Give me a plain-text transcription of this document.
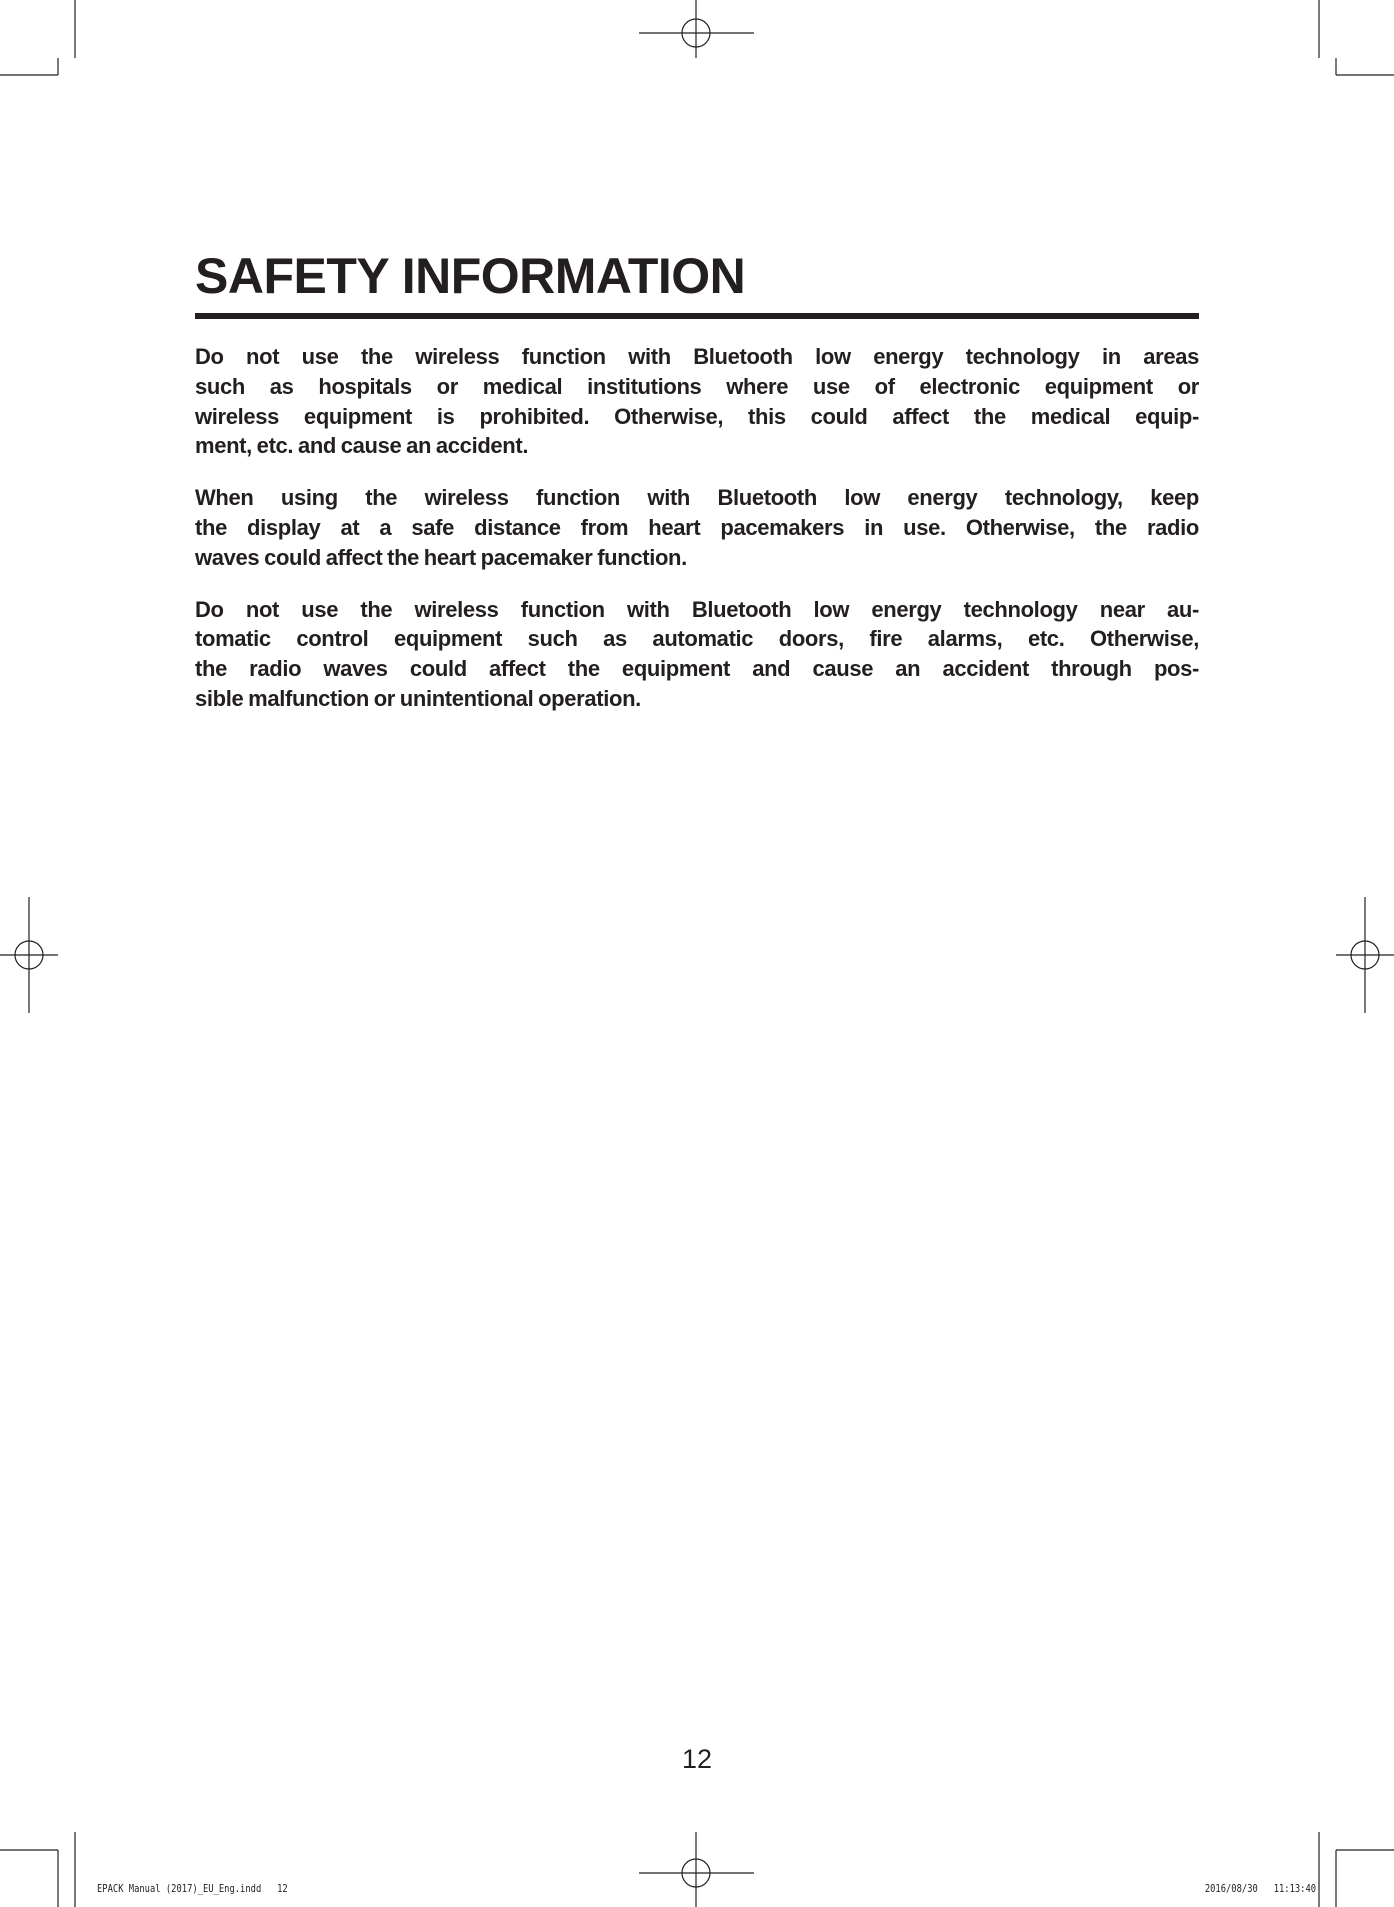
SAFETY INFORMATION

Do not use the wireless function with Bluetooth low energy technology in areas
such as hospitals or medical institutions where use of electronic equipment or
wireless equipment is prohibited. Otherwise, this could affect the medical equip-
ment, etc. and cause an accident.

When using the wireless function with Bluetooth low energy technology, keep
the display at a safe distance from heart pacemakers in use. Otherwise, the radio
waves could affect the heart pacemaker function.

Do not use the wireless function with Bluetooth low energy technology near au-
tomatic control equipment such as automatic doors, fire alarms, etc. Otherwise,
the radio waves could affect the equipment and cause an accident through pos-
sible malfunction or unintentional operation.

12
EPACK Manual (2017)_EU_Eng.indd   12	2016/08/30   11:13:40
